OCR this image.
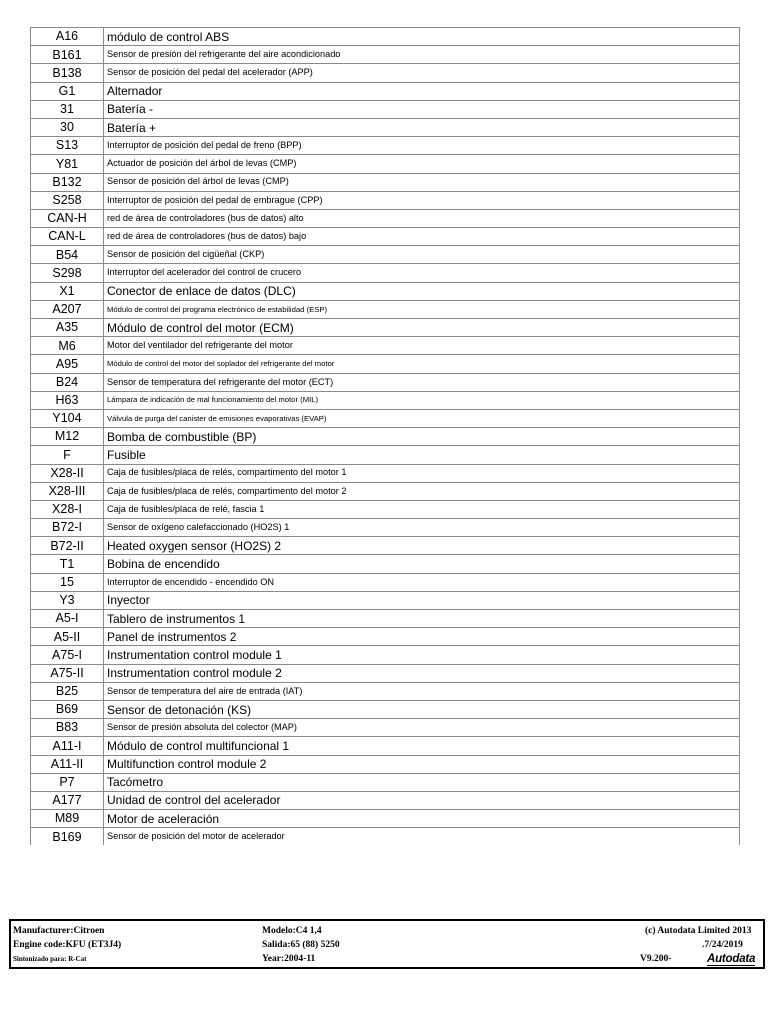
A16	módulo de control ABS
B161	Sensor de presión del refrigerante del aire acondicionado
B138	Sensor de posición del pedal del acelerador (APP)
G1	Alternador
31	Batería -
30	Batería +
S13	Interruptor de posición del pedal de freno (BPP)
Y81	Actuador de posición del árbol de levas (CMP)
B132	Sensor de posición del árbol de levas (CMP)
S258	Interruptor de posición del pedal de embrague (CPP)
CAN-H	red de área de controladores (bus de datos) alto
CAN-L	red de área de controladores (bus de datos) bajo
B54	Sensor de posición del cigüeñal (CKP)
S298	Interruptor del acelerador del control de crucero
X1	Conector de enlace de datos (DLC)
A207	Módulo de control del programa electrónico de estabilidad (ESP)
A35	Módulo de control del motor (ECM)
M6	Motor del ventilador del refrigerante del motor
A95	Módulo de control del motor del soplador del refrigerante del motor
B24	Sensor de temperatura del refrigerante del motor (ECT)
H63	Lámpara de indicación de mal funcionamiento del motor (MIL)
Y104	Válvula de purga del canister de emisiones evaporativas (EVAP)
M12	Bomba de combustible (BP)
F	Fusible
X28-II	Caja de fusibles/placa de relés, compartimento del motor 1
X28-III	Caja de fusibles/placa de relés, compartimento del motor 2
X28-I	Caja de fusibles/placa de relé, fascia 1
B72-I	Sensor de oxígeno calefaccionado (HO2S) 1
B72-II	Heated oxygen sensor (HO2S) 2
T1	Bobina de encendido
15	Interruptor de encendido - encendido ON
Y3	Inyector
A5-I	Tablero de instrumentos 1
A5-II	Panel de instrumentos 2
A75-I	Instrumentation control module 1
A75-II	Instrumentation control module 2
B25	Sensor de temperatura del aire de entrada (IAT)
B69	Sensor de detonación (KS)
B83	Sensor de presión absoluta del colector (MAP)
A11-I	Módulo de control multifuncional 1
A11-II	Multifunction control module 2
P7	Tacómetro
A177	Unidad de control del acelerador
M89	Motor de aceleración
B169	Sensor de posición del motor de acelerador
Manufacturer:Citroen
Engine code:KFU (ET3J4)
Sintonizado para: R-Cat
Modelo:C4 1,4
Salida:65 (88) 5250
Year:2004-11
(c) Autodata Limited 2013
.7/24/2019
V9.200-	Autodata
